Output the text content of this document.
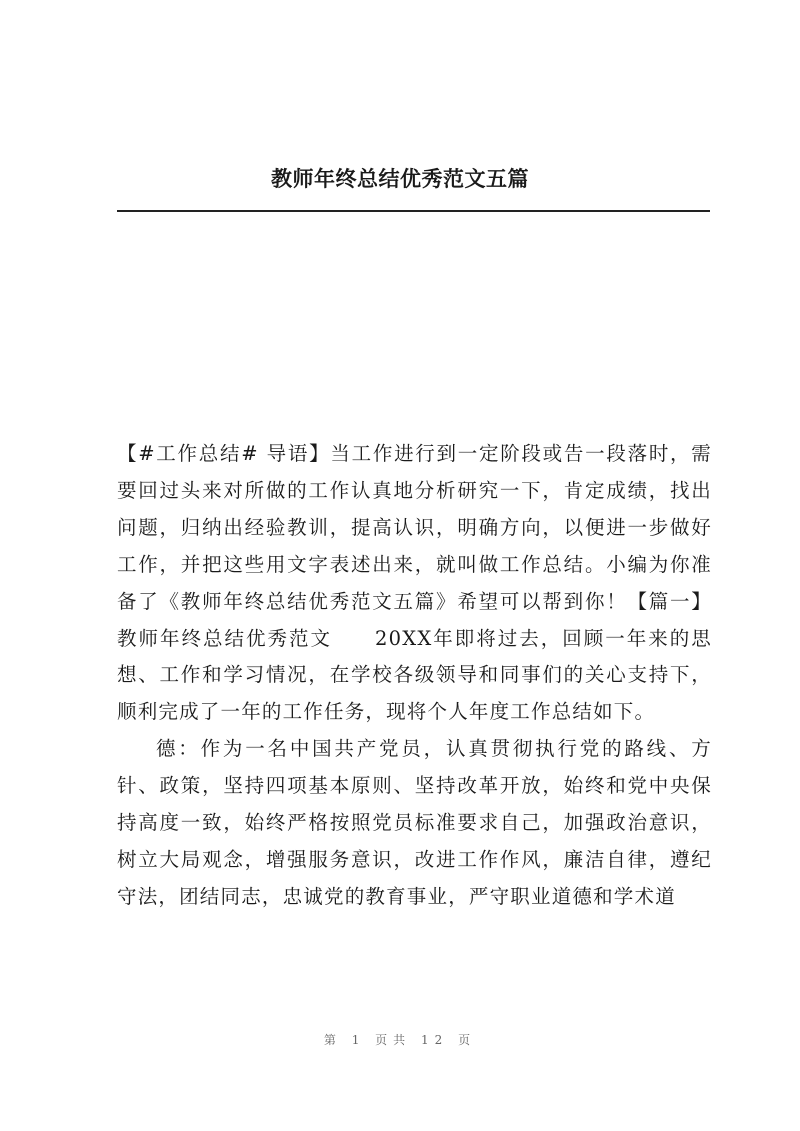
教师年终总结优秀范文五篇

【#工作总结# 导语】当工作进行到一定阶段或告一段落时，需要回过头来对所做的工作认真地分析研究一下，肯定成绩，找出问题，归纳出经验教训，提高认识，明确方向，以便进一步做好工作，并把这些用文字表述出来，就叫做工作总结。小编为你准备了《教师年终总结优秀范文五篇》希望可以帮到你！【篇一】教师年终总结优秀范文　　20XX年即将过去，回顾一年来的思想、工作和学习情况，在学校各级领导和同事们的关心支持下，顺利完成了一年的工作任务，现将个人年度工作总结如下。

德：作为一名中国共产党员，认真贯彻执行党的路线、方针、政策，坚持四项基本原则、坚持改革开放，始终和党中央保持高度一致，始终严格按照党员标准要求自己，加强政治意识，树立大局观念，增强服务意识，改进工作作风，廉洁自律，遵纪守法，团结同志，忠诚党的教育事业，严守职业道德和学术道

第 1 页共 12 页
